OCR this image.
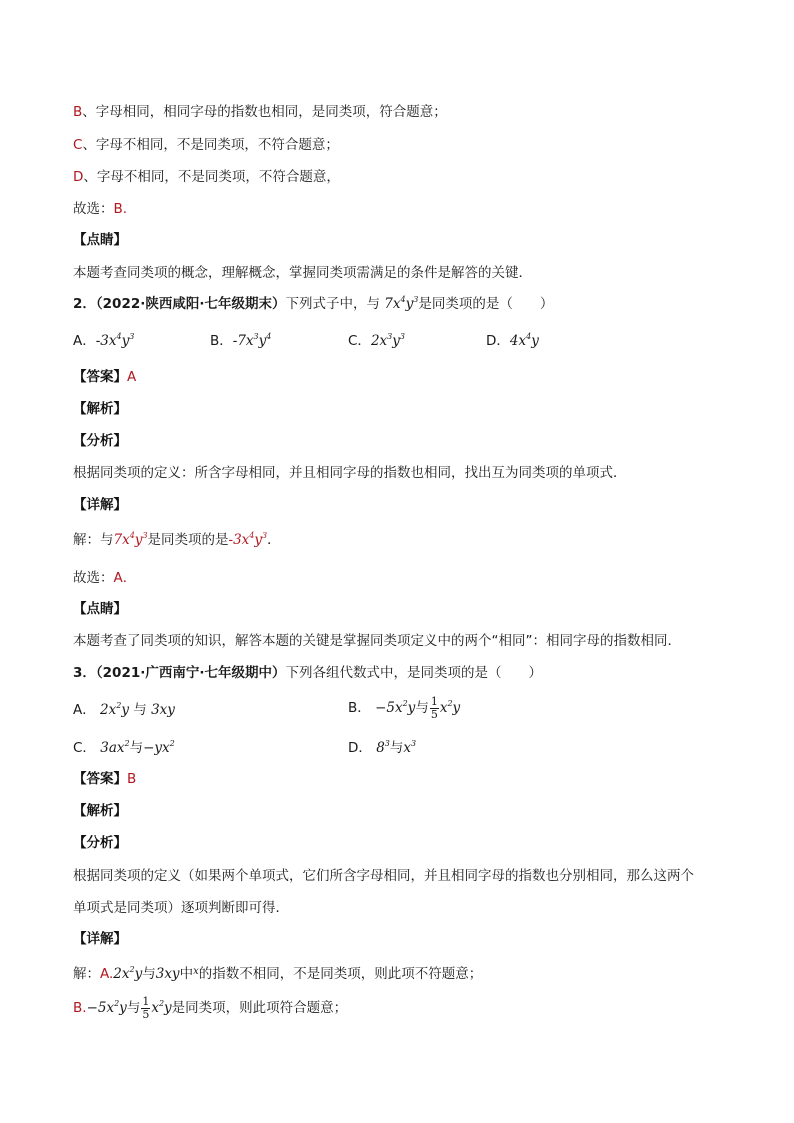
B、字母相同，相同字母的指数也相同，是同类项，符合题意；
C、字母不相同，不是同类项，不符合题意；
D、字母不相同，不是同类项，不符合题意，
故选：B.
【点睛】
本题考查同类项的概念，理解概念，掌握同类项需满足的条件是解答的关键．
2．（2022·陕西咸阳·七年级期末）下列式子中，与 $7x^4y^3$是同类项的是（　　）
A．$-3x^4y^3$	B．$-7x^3y^4$	C．$2x^3y^3$	D．$4x^4y$
【答案】A
【解析】
【分析】
根据同类项的定义：所含字母相同，并且相同字母的指数也相同，找出互为同类项的单项式．
【详解】
解：与$7x^4y^3$是同类项的是$-3x^4y^3$．
故选：A．
【点睛】
本题考查了同类项的知识，解答本题的关键是掌握同类项定义中的两个“相同”：相同字母的指数相同．
3．（2021·广西南宁·七年级期中）下列各组代数式中，是同类项的是（　　）
A． $2x^2y$ 与 3xy	B． $-5x^2y$与 $\frac{1}{5} x^2y$
C． $3ax^2$与$-yx^2$	D． $8^3$与$x^3$
【答案】B
【解析】
【分析】
根据同类项的定义（如果两个单项式，它们所含字母相同，并且相同字母的指数也分别相同，那么这两个
单项式是同类项）逐项判断即可得．
【详解】
解：$A.2x^2y$与3xy中$^x$的指数不相同，不是同类项，则此项不符题意；
$B.-5x^2y$与 $\frac{1}{5} x^2y$是同类项，则此项符合题意；
